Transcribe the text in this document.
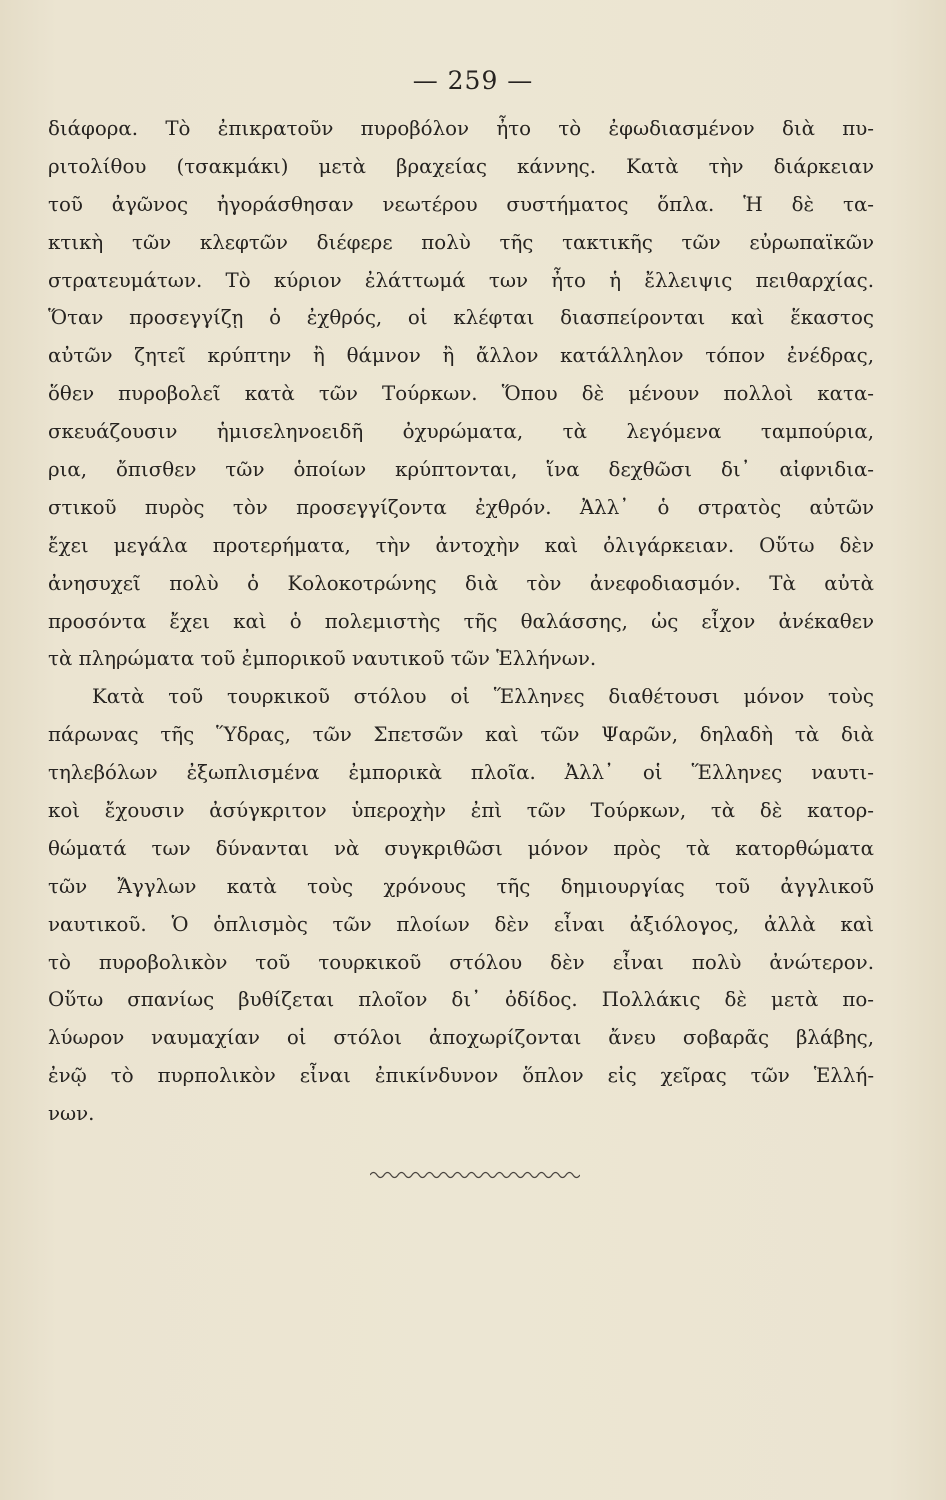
— 259 —
διάφορα. Τὸ ἐπικρατοῦν πυροβόλον ἦτο τὸ ἐφωδιασμένον διὰ πυ-
ριτολίθου (τσακμάκι) μετὰ βραχείας κάννης. Κατὰ τὴν διάρκειαν
τοῦ ἀγῶνος ἠγοράσθησαν νεωτέρου συστήματος ὅπλα. Ἡ δὲ τα-
κτικὴ τῶν κλεφτῶν διέφερε πολὺ τῆς τακτικῆς τῶν εὐρωπαϊκῶν
στρατευμάτων. Τὸ κύριον ἐλάττωμά των ἦτο ἡ ἔλλειψις πειθαρχίας.
Ὅταν προσεγγίζῃ ὁ ἐχθρός, οἱ κλέφται διασπείρονται καὶ ἕκαστος
αὐτῶν ζητεῖ κρύπτην ἢ θάμνον ἢ ἄλλον κατάλληλον τόπον ἐνέδρας,
ὅθεν πυροβολεῖ κατὰ τῶν Τούρκων. Ὅπου δὲ μένουν πολλοὶ κατα-
σκευάζουσιν ἡμισεληνοειδῆ ὀχυρώματα, τὰ λεγόμενα ταμπούρια,
ρια, ὄπισθεν τῶν ὁποίων κρύπτονται, ἵνα δεχθῶσι δι᾿ αἰφνιδια-
στικοῦ πυρὸς τὸν προσεγγίζοντα ἐχθρόν. Ἀλλ᾿ ὁ στρατὸς αὐτῶν
ἔχει μεγάλα προτερήματα, τὴν ἀντοχὴν καὶ ὀλιγάρκειαν. Οὕτω δὲν
ἀνησυχεῖ πολὺ ὁ Κολοκοτρώνης διὰ τὸν ἀνεφοδιασμόν. Τὰ αὐτὰ
προσόντα ἔχει καὶ ὁ πολεμιστὴς τῆς θαλάσσης, ὡς εἶχον ἀνέκαθεν
τὰ πληρώματα τοῦ ἐμπορικοῦ ναυτικοῦ τῶν Ἑλλήνων.
Κατὰ τοῦ τουρκικοῦ στόλου οἱ Ἕλληνες διαθέτουσι μόνον τοὺς
πάρωνας τῆς Ὕδρας, τῶν Σπετσῶν καὶ τῶν Ψαρῶν, δηλαδὴ τὰ διὰ
τηλεβόλων ἐξωπλισμένα ἐμπορικὰ πλοῖα. Ἀλλ᾿ οἱ Ἕλληνες ναυτι-
κοὶ ἔχουσιν ἀσύγκριτον ὑπεροχὴν ἐπὶ τῶν Τούρκων, τὰ δὲ κατορ-
θώματά των δύνανται νὰ συγκριθῶσι μόνον πρὸς τὰ κατορθώματα
τῶν Ἄγγλων κατὰ τοὺς χρόνους τῆς δημιουργίας τοῦ ἀγγλικοῦ
ναυτικοῦ. Ὁ ὁπλισμὸς τῶν πλοίων δὲν εἶναι ἀξιόλογος, ἀλλὰ καὶ
τὸ πυροβολικὸν τοῦ τουρκικοῦ στόλου δὲν εἶναι πολὺ ἀνώτερον.
Οὕτω σπανίως βυθίζεται πλοῖον δι᾿ ὀδίδος. Πολλάκις δὲ μετὰ πο-
λύωρον ναυμαχίαν οἱ στόλοι ἀποχωρίζονται ἄνευ σοβαρᾶς βλάβης,
ἐνῷ τὸ πυρπολικὸν εἶναι ἐπικίνδυνον ὅπλον εἰς χεῖρας τῶν Ἑλλή-
νων.
